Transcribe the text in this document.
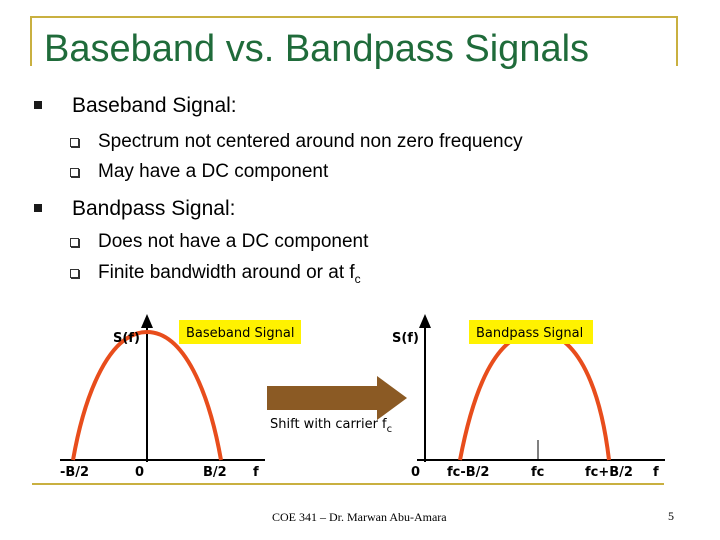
Baseband vs. Bandpass Signals
Baseband Signal:
Spectrum not centered around non zero frequency
May have a DC component
Bandpass Signal:
Does not have a DC component
Finite bandwidth around or at $f_c$
S(f)	Baseband Signal
-B/2	0	B/2 f
Shift with carrier $f_c$
S(f)	Bandpass Signal
0 fc-B/2	fc	fc+B/2 f
COE 341 – Dr. Marwan Abu-Amara	5
